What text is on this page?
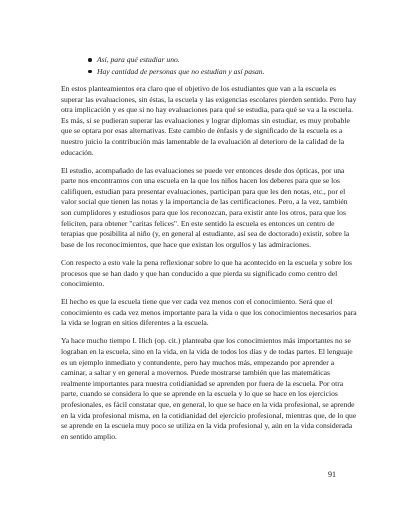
Así, para qué estudiar uno.
Hay cantidad de personas que no estudian y así pasan.

En estos planteamientos era claro que el objetivo de los estudiantes que van a la escuela es superar las evaluaciones, sin éstas, la escuela y las exigencias escolares pierden sentido. Pero hay otra implicación y es que si no hay evaluaciones para qué se estudia, para qué se va a la escuela. Es más, si se pudieran superar las evaluaciones y lograr diplomas sin estudiar, es muy probable que se optara por esas alternativas. Este cambio de énfasis y de significado de la escuela es a nuestro juicio la contribución más lamentable de la evaluación al deterioro de la calidad de la educación.

El estudio, acompañado de las evaluaciones se puede ver entonces desde dos ópticas, por una parte nos encontramos con una escuela en la que los niños hacen los deberes para que se los califiquen, estudian para presentar evaluaciones, participan para que les den notas, etc., por el valor social que tienen las notas y la importancia de las certificaciones. Pero, a la vez, también son cumplidores y estudiosos para que los reconozcan, para existir ante los otros, para que los feliciten, para obtener "caritas felices". En este sentido la escuela es entonces un centro de terapias que posibilita al niño (y, en general al estudiante, así sea de doctorado) existir, sobre la base de los reconocimientos, que hace que existan los orgullos y las admiraciones.

Con respecto a esto vale la pena reflexionar sobre lo que ha acontecido en la escuela y sobre los procesos que se han dado y que han conducido a que pierda su significado como centro del conocimiento.

El hecho es que la escuela tiene que ver cada vez menos con el conocimiento. Será que el conocimiento es cada vez menos importante para la vida o que los conocimientos necesarios para la vida se logran en sitios diferentes a la escuela.

Ya hace mucho tiempo I. Ilich (op. cit.) planteaba que los conocimientos más importantes no se lograban en la escuela, sino en la vida, en la vida de todos los días y de todas partes. El lenguaje es un ejemplo inmediato y contundente, pero hay muchos más, empezando por aprender a caminar, a saltar y en general a movernos. Puede mostrarse también que las matemáticas realmente importantes para nuestra cotidianidad se aprenden por fuera de la escuela. Por otra parte, cuando se considera lo que se aprende en la escuela y lo que se hace en los ejercicios profesionales, es fácil constatar que, en general, lo que se hace en la vida profesional, se aprende en la vida profesional misma, en la cotidianidad del ejercicio profesional, mientras que, de lo que se aprende en la escuela muy poco se utiliza en la vida profesional y, aún en la vida considerada en sentido amplio.

91
